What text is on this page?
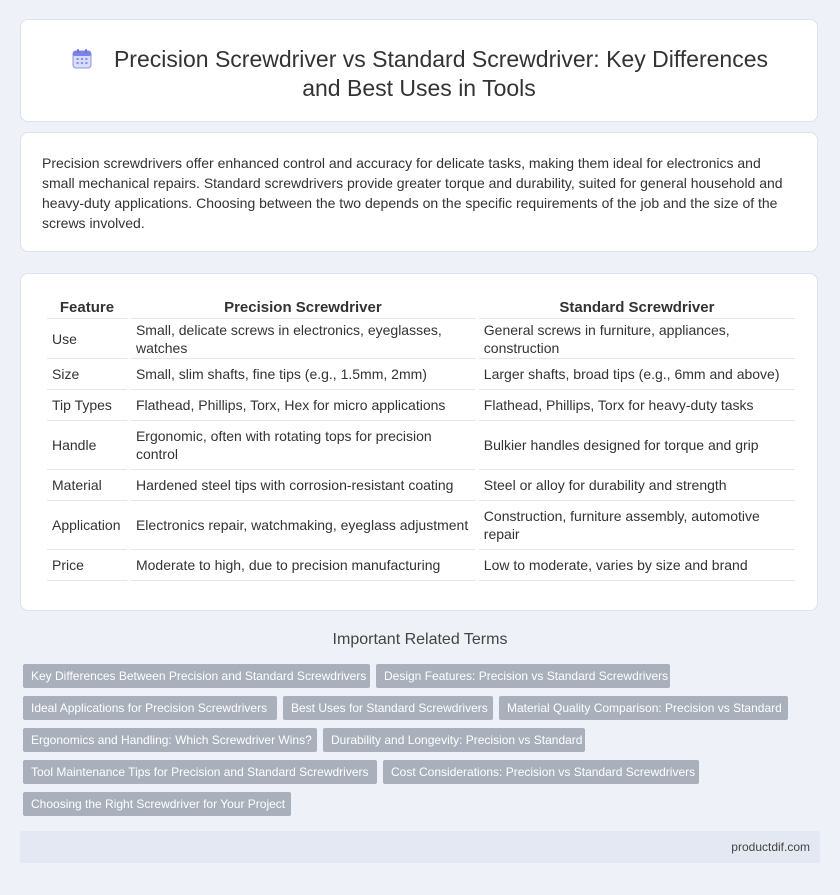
Precision Screwdriver vs Standard Screwdriver: Key Differences and Best Uses in Tools

Precision screwdrivers offer enhanced control and accuracy for delicate tasks, making them ideal for electronics and small mechanical repairs. Standard screwdrivers provide greater torque and durability, suited for general household and heavy-duty applications. Choosing between the two depends on the specific requirements of the job and the size of the screws involved.

Feature	Precision Screwdriver	Standard Screwdriver
Use	Small, delicate screws in electronics, eyeglasses, watches	General screws in furniture, appliances, construction
Size	Small, slim shafts, fine tips (e.g., 1.5mm, 2mm)	Larger shafts, broad tips (e.g., 6mm and above)
Tip Types	Flathead, Phillips, Torx, Hex for micro applications	Flathead, Phillips, Torx for heavy-duty tasks
Handle	Ergonomic, often with rotating tops for precision control	Bulkier handles designed for torque and grip
Material	Hardened steel tips with corrosion-resistant coating	Steel or alloy for durability and strength
Application	Electronics repair, watchmaking, eyeglass adjustment	Construction, furniture assembly, automotive repair
Price	Moderate to high, due to precision manufacturing	Low to moderate, varies by size and brand
Important Related Terms
Key Differences Between Precision and Standard Screwdrivers	Design Features: Precision vs Standard Screwdrivers
Ideal Applications for Precision Screwdrivers	Best Uses for Standard Screwdrivers	Material Quality Comparison: Precision vs Standard
Ergonomics and Handling: Which Screwdriver Wins?	Durability and Longevity: Precision vs Standard
Tool Maintenance Tips for Precision and Standard Screwdrivers	Cost Considerations: Precision vs Standard Screwdrivers
Choosing the Right Screwdriver for Your Project
productdif.com
